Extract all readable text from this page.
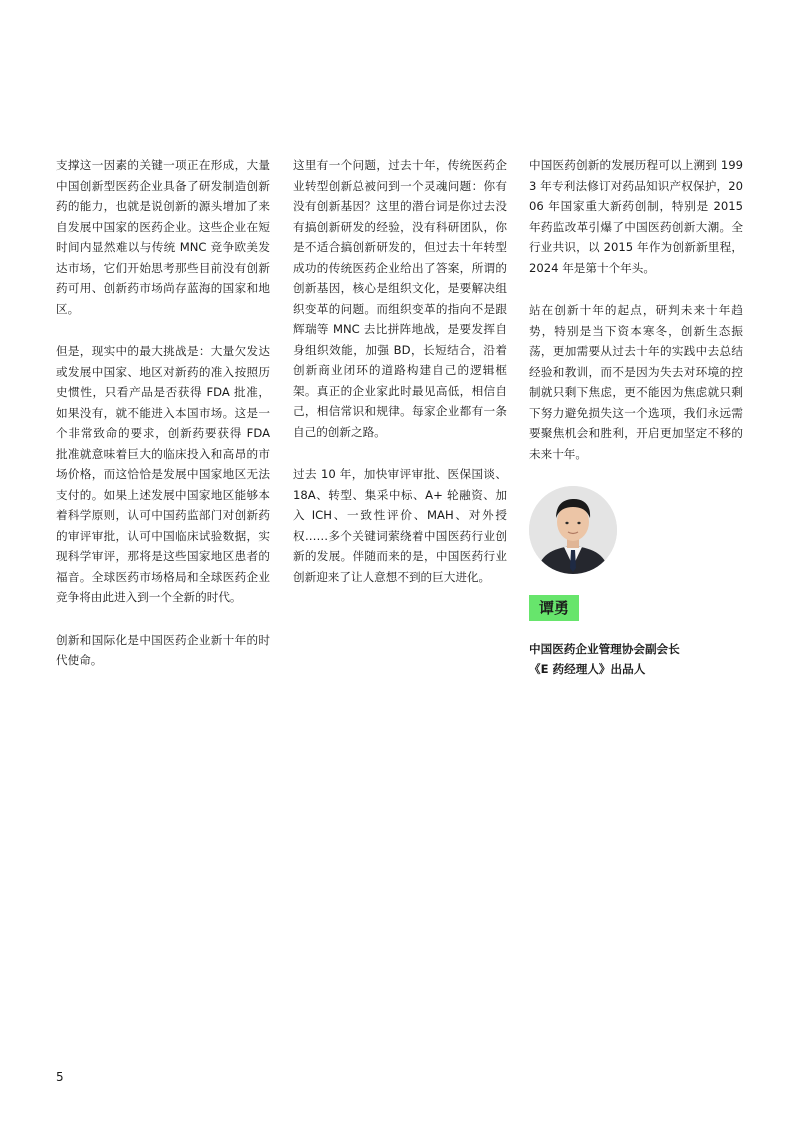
支撑这一因素的关键一项正在形成，大量中国创新型医药企业具备了研发制造创新药的能力，也就是说创新的源头增加了来自发展中国家的医药企业。这些企业在短时间内显然难以与传统 MNC 竞争欧美发达市场，它们开始思考那些目前没有创新药可用、创新药市场尚存蓝海的国家和地区。

但是，现实中的最大挑战是：大量欠发达或发展中国家、地区对新药的准入按照历史惯性，只看产品是否获得 FDA 批准，如果没有，就不能进入本国市场。这是一个非常致命的要求，创新药要获得 FDA 批准就意味着巨大的临床投入和高昂的市场价格，而这恰恰是发展中国家地区无法支付的。如果上述发展中国家地区能够本着科学原则，认可中国药监部门对创新药的审评审批，认可中国临床试验数据，实现科学审评，那将是这些国家地区患者的福音。全球医药市场格局和全球医药企业竞争将由此进入到一个全新的时代。

创新和国际化是中国医药企业新十年的时代使命。

这里有一个问题，过去十年，传统医药企业转型创新总被问到一个灵魂问题：你有没有创新基因？这里的潜台词是你过去没有搞创新研发的经验，没有科研团队，你是不适合搞创新研发的，但过去十年转型成功的传统医药企业给出了答案，所谓的创新基因，核心是组织文化，是要解决组织变革的问题。而组织变革的指向不是跟辉瑞等 MNC 去比拼阵地战，是要发挥自身组织效能，加强 BD，长短结合，沿着创新商业闭环的道路构建自己的逻辑框架。真正的企业家此时最见高低，相信自己，相信常识和规律。每家企业都有一条自己的创新之路。

过去 10 年，加快审评审批、医保国谈、18A、转型、集采中标、A+ 轮融资、加入 ICH、一致性评价、MAH、对外授权……多个关键词萦绕着中国医药行业创新的发展。伴随而来的是，中国医药行业创新迎来了让人意想不到的巨大进化。

中国医药创新的发展历程可以上溯到 1993 年专利法修订对药品知识产权保护，2006 年国家重大新药创制，特别是 2015 年药监改革引爆了中国医药创新大潮。全行业共识，以 2015 年作为创新新里程，2024 年是第十个年头。

站在创新十年的起点，研判未来十年趋势，特别是当下资本寒冬，创新生态振荡，更加需要从过去十年的实践中去总结经验和教训，而不是因为失去对环境的控制就只剩下焦虑，更不能因为焦虑就只剩下努力避免损失这一个选项，我们永远需要聚焦机会和胜利，开启更加坚定不移的未来十年。

谭勇
中国医药企业管理协会副会长
《E 药经理人》出品人
5
